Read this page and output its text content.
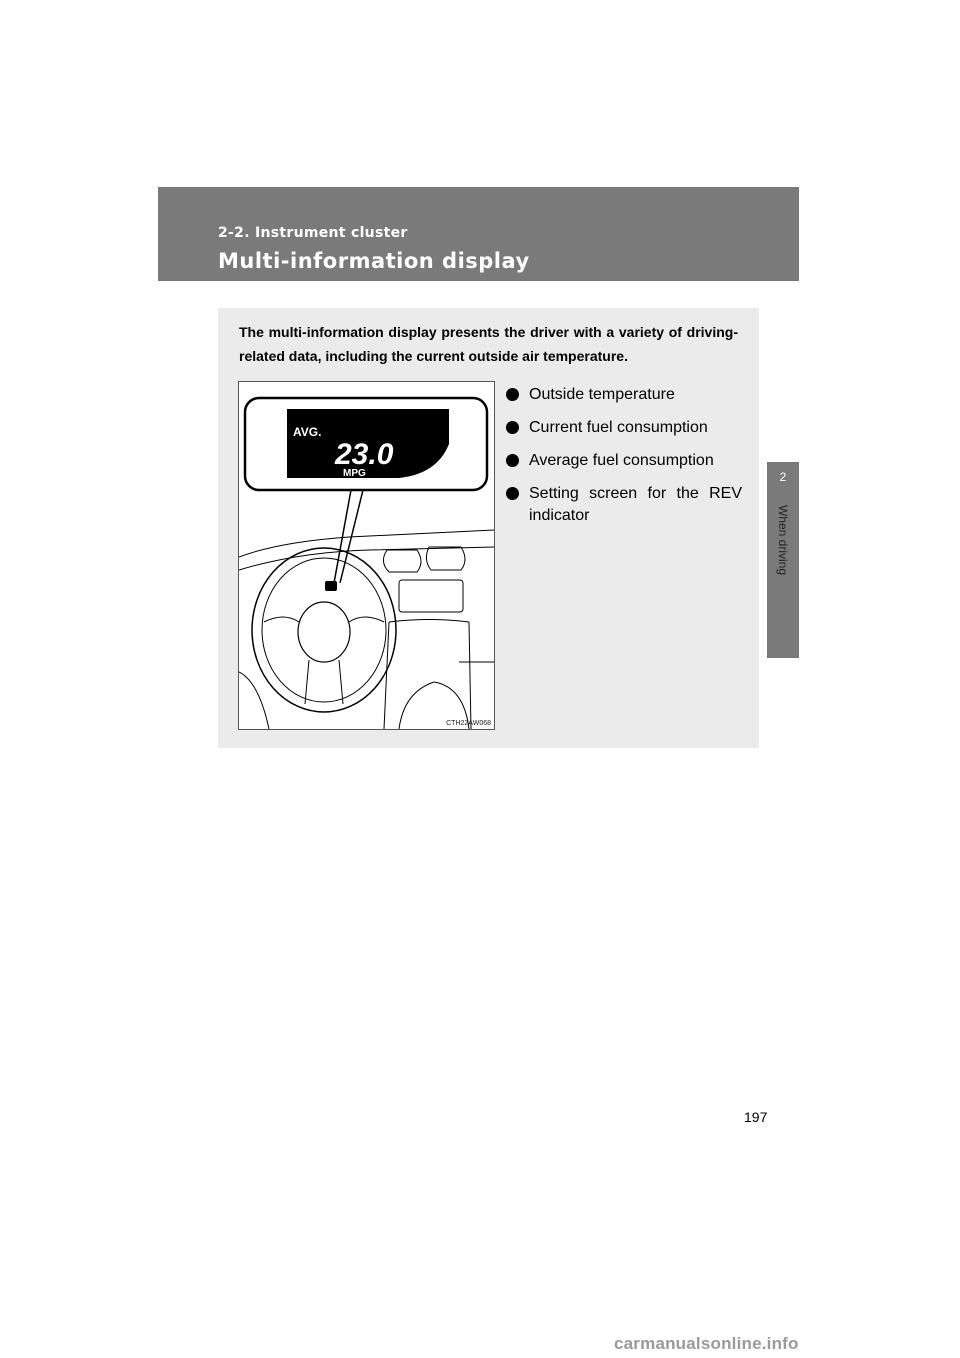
2-2. Instrument cluster
Multi-information display
2
When driving
The multi-information display presents the driver with a variety of driving-related data, including the current outside air temperature.
AVG.
23.0
MPG
CTH22AW068
Outside temperature
Current fuel consumption
Average fuel consumption
Setting screen for the REV indicator
197
carmanualsonline.info
